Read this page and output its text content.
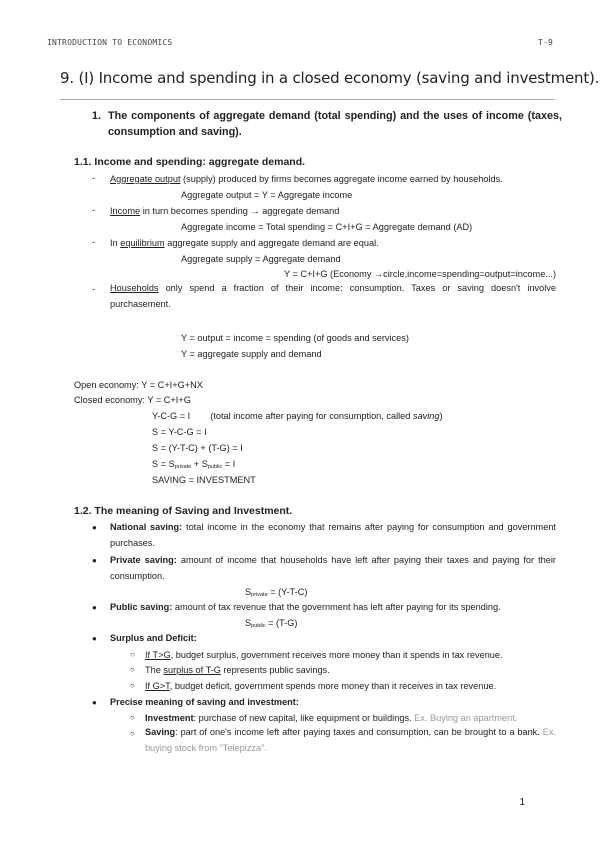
INTRODUCTION TO ECONOMICS	T-9
9. (I) Income and spending in a closed economy (saving and investment).
1. The components of aggregate demand (total spending) and the uses of income (taxes, consumption and saving).
1.1. Income and spending: aggregate demand.
- Aggregate output (supply) produced by firms becomes aggregate income earned by households.
Aggregate output = Y = Aggregate income
- Income in turn becomes spending → aggregate demand
Aggregate income = Total spending = C+I+G = Aggregate demand (AD)
- In equilibrium aggregate supply and aggregate demand are equal.
Aggregate supply = Aggregate demand
Y = C+I+G (Economy →circle,income=spending=output=income...)
- Households only spend a fraction of their income: consumption. Taxes or saving doesn't involve purchasement.
Y = output = income = spending (of goods and services)
Y = aggregate supply and demand
Open economy: Y = C+I+G+NX
Closed economy: Y = C+I+G
Y-C-G = I (total income after paying for consumption, called saving)
S = Y-C-G = I
S = (Y-T-C) + (T-G) = I
$S = S_{private} + S_{public} = I$
SAVING = INVESTMENT
1.2. The meaning of Saving and Investment.
● National saving: total income in the economy that remains after paying for consumption and government purchases.
● Private saving: amount of income that households have left after paying their taxes and paying for their consumption.
$S_{private} = (Y-T-C)$
● Public saving: amount of tax revenue that the government has left after paying for its spending.
$S_{public} = (T-G)$
● Surplus and Deficit:
○ If T>G, budget surplus, government receives more money than it spends in tax revenue.
○ The surplus of T-G represents public savings.
○ If G>T, budget deficit, government spends more money than it receives in tax revenue.
● Precise meaning of saving and investment:
○ Investment: purchase of new capital, like equipment or buildings. Ex. Buying an apartment.
○ Saving: part of one's income left after paying taxes and consumption, can be brought to a bank. Ex. buying stock from "Telepizza".
1
